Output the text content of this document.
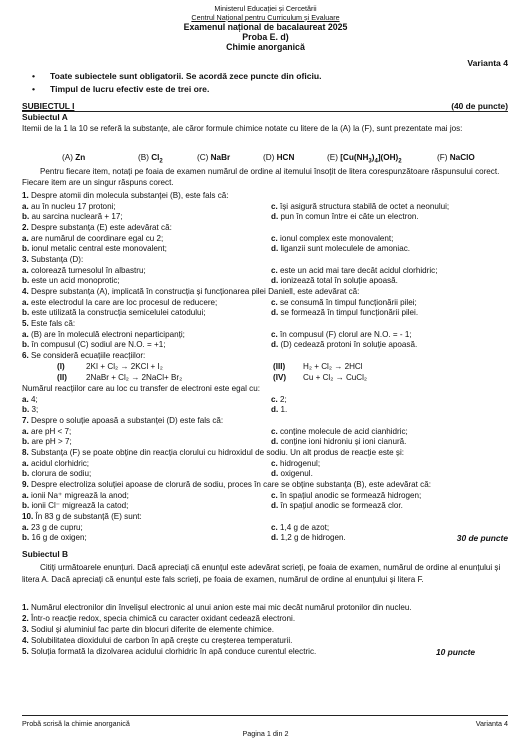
Ministerul Educației și Cercetării
Centrul Național pentru Curriculum și Evaluare
Examenul național de bacalaureat 2025
Proba E. d)
Chimie anorganică
Varianta 4
• Toate subiectele sunt obligatorii. Se acordă zece puncte din oficiu.
• Timpul de lucru efectiv este de trei ore.
SUBIECTUL I	(40 de puncte)
Subiectul A
Itemii de la 1 la 10 se referă la substanțe, ale căror formule chimice notate cu litere de la (A) la (F), sunt prezentate mai jos:
(A) Zn	(B) $Cl_2$	(C) NaBr	(D) HCN	(E) $[Cu(NH_3)_4](OH)_2$	(F) NaClO
Pentru fiecare item, notați pe foaia de examen numărul de ordine al itemului însoțit de litera corespunzătoare răspunsului corect. Fiecare item are un singur răspuns corect.
1. Despre atomii din molecula substanței (B), este fals că:
a. au în nucleu 17 protoni;	c. își asigură structura stabilă de octet a neonului;
b. au sarcina nucleară + 17;	d. pun în comun între ei câte un electron.
2. Despre substanța (E) este adevărat că:
a. are numărul de coordinare egal cu 2;	c. ionul complex este monovalent;
b. ionul metalic central este monovalent;	d. liganzii sunt moleculele de amoniac.
3. Substanța (D):
a. colorează turnesolul în albastru;	c. este un acid mai tare decât acidul clorhidric;
b. este un acid monoprotic;	d. ionizează total în soluție apoasă.
4. Despre substanța (A), implicată în construcția și funcționarea pilei Daniell, este adevărat că:
a. este electrodul la care are loc procesul de reducere;	c. se consumă în timpul funcționării pilei;
b. este utilizată la construcția semicelulei catodului;	d. se formează în timpul funcționării pilei.
5. Este fals că:
a. (B) are în moleculă electroni neparticipanți;	c. în compusul (F) clorul are N.O. = - 1;
b. în compusul (C) sodiul are N.O. = +1;	d. (D) cedează protoni în soluție apoasă.
6. Se consideră ecuațiile reacțiilor:
(I)	2KI + Cl₂ → 2KCl + I₂	(III) H₂ + Cl₂ → 2HCl
(II) 2NaBr + Cl₂ → 2NaCl+ Br₂	(IV) Cu + Cl₂ → CuCl₂
Numărul reacțiilor care au loc cu transfer de electroni este egal cu:
a. 4;	c. 2;
b. 3;	d. 1.
7. Despre o soluție apoasă a substanței (D) este fals că:
a. are pH < 7;	c. conține molecule de acid cianhidric;
b. are pH > 7;	d. conține ioni hidroniu și ioni cianură.
8. Substanța (F) se poate obține din reacția clorului cu hidroxidul de sodiu. Un alt produs de reacție este și:
a. acidul clorhidric;	c. hidrogenul;
b. clorura de sodiu;	d. oxigenul.
9. Despre electroliza soluției apoase de clorură de sodiu, proces în care se obține substanța (B), este adevărat că:
a. ionii Na⁺ migrează la anod;	c. în spațiul anodic se formează hidrogen;
b. ionii Cl⁻ migrează la catod;	d. în spațiul anodic se formează clor.
10. În 83 g de substanță (E) sunt:
a. 23 g de cupru;	c. 1,4 g de azot;
b. 16 g de oxigen;	d. 1,2 g de hidrogen.	30 de puncte
Subiectul B
Citiți următoarele enunțuri. Dacă apreciați că enunțul este adevărat scrieți, pe foaia de examen, numărul de ordine al enunțului și litera A. Dacă apreciați că enunțul este fals scrieți, pe foaia de examen, numărul de ordine al enunțului și litera F.
1. Numărul electronilor din învelișul electronic al unui anion este mai mic decât numărul protonilor din nucleu.
2. Într-o reacție redox, specia chimică cu caracter oxidant cedează electroni.
3. Sodiul și aluminiul fac parte din blocuri diferite de elemente chimice.
4. Solubilitatea dioxidului de carbon în apă crește cu creșterea temperaturii.
5. Soluția formată la dizolvarea acidului clorhidric în apă conduce curentul electric.	10 puncte
Probă scrisă la chimie anorganică	Varianta 4
Pagina 1 din 2
